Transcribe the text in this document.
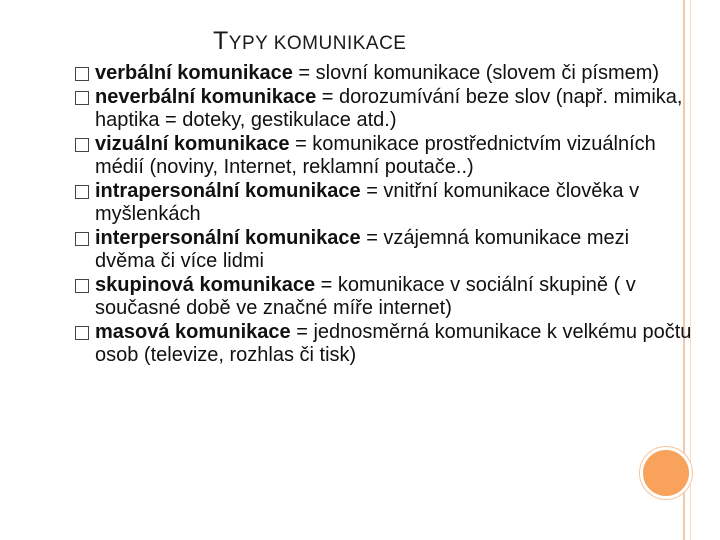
TYPY KOMUNIKACE
verbální komunikace = slovní komunikace (slovem či písmem)
neverbální komunikace = dorozumívání beze slov (např. mimika, haptika = doteky, gestikulace atd.)
vizuální komunikace = komunikace prostřednictvím vizuálních médií (noviny, Internet, reklamní poutače..)
intrapersonální komunikace = vnitřní komunikace člověka v myšlenkách
interpersonální komunikace = vzájemná komunikace mezi dvěma či více lidmi
skupinová komunikace = komunikace v sociální skupině ( v současné době ve značné míře internet)
masová komunikace = jednosměrná komunikace k velkému počtu osob (televize, rozhlas či tisk)
